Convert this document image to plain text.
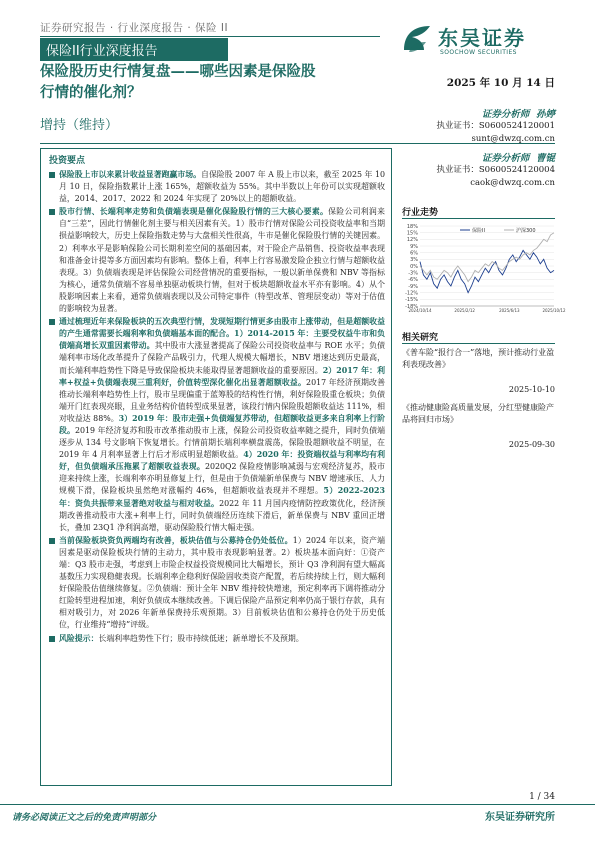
证券研究报告 · 行业深度报告 · 保险 II
保险II行业深度报告
东吴证券
SOOCHOW SECURITIES
保险股历史行情复盘——哪些因素是保险股
行情的催化剂？
增持（维持）
2025 年 10 月 14 日
证券分析师 孙婷
执业证书：S0600524120001
sunt@dwzq.com.cn
证券分析师 曹锟
执业证书：S0600524120004
caok@dwzq.com.cn
投资要点
保险股上市以来累计收益显著跑赢市场。自保险股 2007 年 A 股上市以来，截至 2025 年 10 月 10 日，保险指数累计上涨 165%，超额收益为 55%。其中半数以上年份可以实现超额收益，2014、2017、2022 和 2024 年实现了 20%以上的超额收益。
股市行情、长端利率走势和负债端表现是催化保险股行情的三大核心要素。保险公司利润来自“三差”，因此行情催化剂主要与相关因素有关。1）股市行情对保险公司投资收益率和当期损益影响较大，历史上保险指数走势与大盘相关性很高，牛市是催化保险股行情的关键因素。2）利率水平是影响保险公司长期利差空间的基础因素，对于险企产品销售、投资收益率表现和准备金计提等多方面因素均有影响。整体上看，利率上行容易激发险企独立行情与超额收益表现。3）负债端表现是评估保险公司经营情况的重要指标，一般以新单保费和 NBV 等指标为核心，通常负债端不容易单独驱动板块行情，但对于板块超额收益水平亦有影响。4）从个股影响因素上来看，通常负债端表现以及公司特定事件（特型改革、管理层变动）等对于估值的影响较为显著。
通过梳理近年来保险板块的五次典型行情，发现短期行情更多由股市上涨带动，但是超额收益的产生通常需要长端利率和负债端基本面的配合。1）2014-2015 年：主要受权益牛市和负债端高增长双重因素带动。其中股市大涨显著提高了保险公司投资收益率与 ROE 水平；负债端利率市场化改革提升了保险产品吸引力，代理人规模大幅增长，NBV 增速达到历史最高，而长端利率趋势性下降是导致保险板块未能取得显著超额收益的重要原因。2）2017 年：利率+权益+负债端表现三重利好，价值转型深化催化出显著超额收益。2017 年经济预期改善推动长端利率趋势性上行，股市呈现偏重于蓝筹股的结构性行情，利好保险股重仓板块；负债端开门红表现亮眼，且业务结构价值转型成果显著，该段行情内保险股超额收益达 111%，相对收益达 88%。3）2019 年：股市走强+负债端复苏带动，但超额收益更多来自利率上行阶段。2019 年经济复苏和股市改革推动股市上涨，保险公司投资收益率随之提升，同时负债端逐步从 134 号文影响下恢复增长。行情前期长端利率横盘震荡，保险股超额收益不明显，在 2019 年 4 月利率显著上行后才形成明显超额收益。4）2020 年：投资端权益与利率均有利好，但负债端承压拖累了超额收益表现。2020Q2 保险疫情影响减弱与宏观经济复苏，股市迎来持续上涨，长端利率亦明显修复上行，但是由于负债端新单保费与 NBV 增速承压、人力规模下滑，保险板块虽然绝对涨幅约 46%，但超额收益表现并不理想。5）2022-2023 年：资负共振带来显著绝对收益与相对收益。2022 年 11 月国内疫情防控政策优化，经济预期改善推动股市大涨+利率上行，同时负债端经历连续下滑后，新单保费与 NBV 重回正增长，叠加 23Q1 净利润高增，驱动保险股行情大幅走强。
当前保险板块资负两端均有改善，板块估值与公募持仓仍处低位。1）2024 年以来，资产端因素是驱动保险板块行情的主动力，其中股市表现影响显著。2）板块基本面向好：①资产端：Q3 股市走强，考虑到上市险企权益投资规模同比大幅增长，预计 Q3 净利润有望大幅高基数压力实现稳健表现。长端利率企稳利好保险固收类资产配置，若后续持续上行，则大幅利好保险股估值继续修复。②负债端：预计全年 NBV 维持较快增速，预定利率再下调将推动分红险转型进程加速，利好负债成本继续改善。下调后保险产品预定利率仍高于银行存款，具有相对吸引力，对 2026 年新单保费持乐观预期。3）目前板块估值和公募持仓仍处于历史低位，行业维持“增持”评级。
风险提示：长端利率趋势性下行；股市持续低迷；新单增长不及预期。
行业走势
18%
15%
12%
9%
6%
3%
0%
-3%
-6%
-9%
-12%
-15%
-18%
2024/10/14	2025/2/12	2025/6/13	2025/10/12
保险II	沪深300
相关研究
《普车险“报行合一”落地，预计推动行业盈利表现改善》
2025-10-10
《推动健康险高质量发展，分红型健康险产品将回归市场》
2025-09-30
1 / 34
请务必阅读正文之后的免责声明部分	东吴证券研究所
